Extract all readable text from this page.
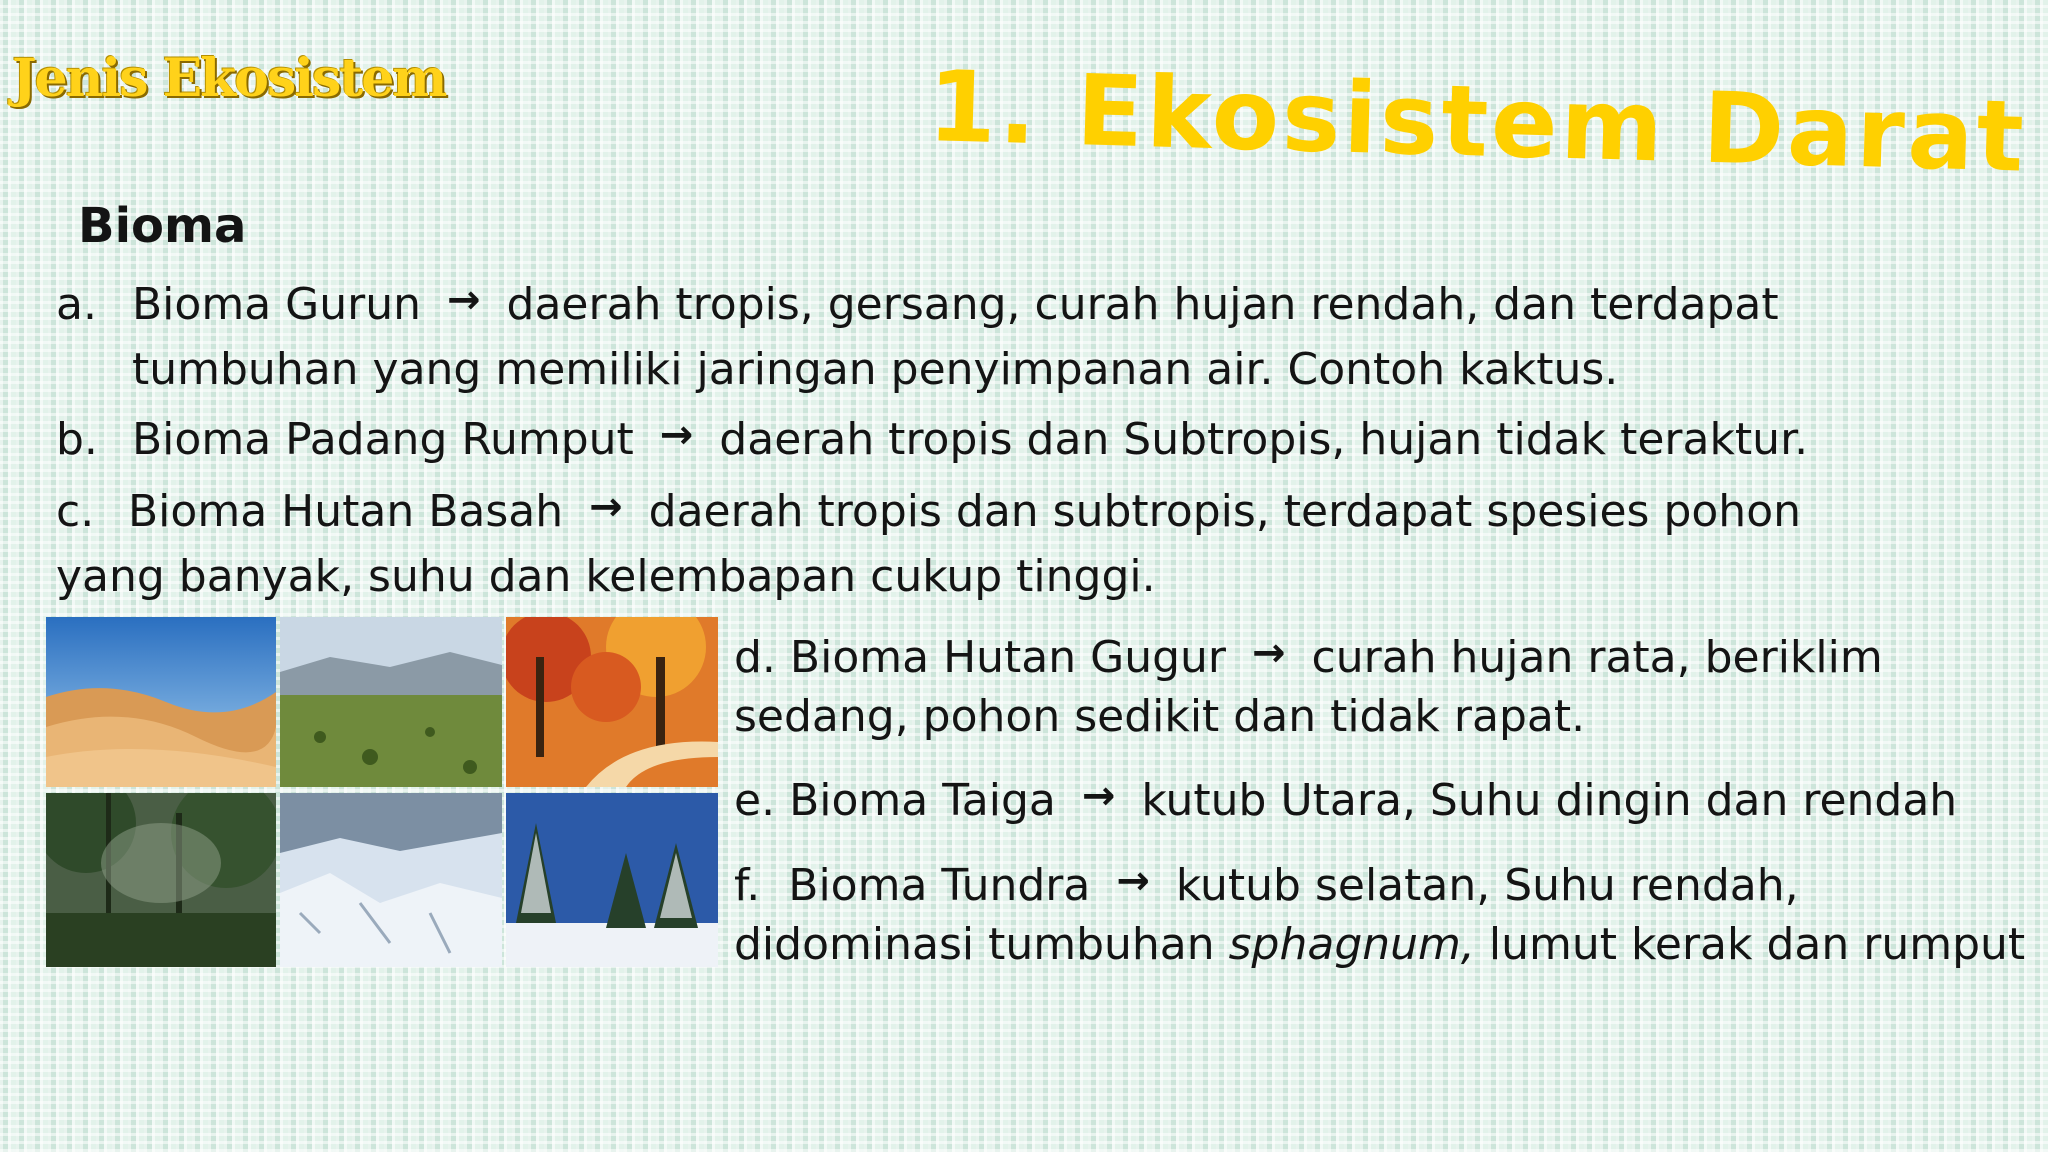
Jenis Ekosistem	1. Ekosistem Darat
Bioma
a. Bioma Gurun → daerah tropis, gersang, curah hujan rendah, dan terdapat
tumbuhan yang memiliki jaringan penyimpanan air. Contoh kaktus.
b. Bioma Padang Rumput → daerah tropis dan Subtropis, hujan tidak teraktur.
c. Bioma Hutan Basah → daerah tropis dan subtropis, terdapat spesies pohon
yang banyak, suhu dan kelembapan cukup tinggi.
d. Bioma Hutan Gugur → curah hujan rata, beriklim
sedang, pohon sedikit dan tidak rapat.
e. Bioma Taiga → kutub Utara, Suhu dingin dan rendah
f. Bioma Tundra → kutub selatan, Suhu rendah,
didominasi tumbuhan sphagnum, lumut kerak dan rumput
